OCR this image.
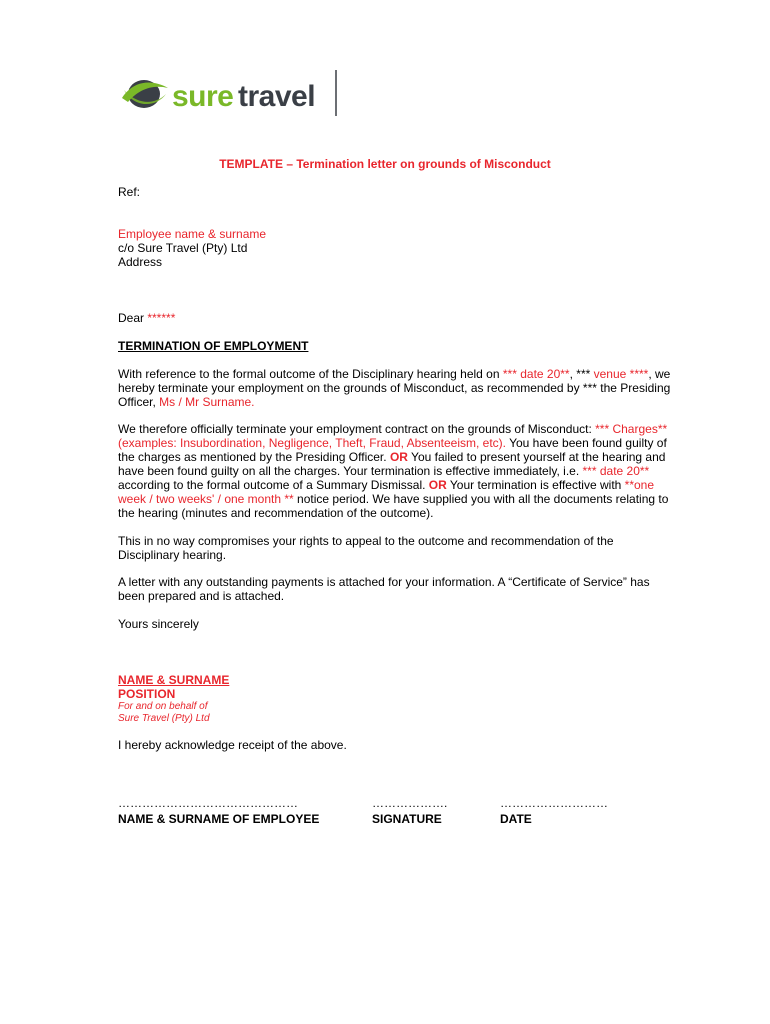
sure travel
TEMPLATE – Termination letter on grounds of Misconduct
Ref:
Employee name & surname
c/o Sure Travel (Pty) Ltd
Address
Dear ******
TERMINATION OF EMPLOYMENT
With reference to the formal outcome of the Disciplinary hearing held on *** date 20**, *** venue ****, we hereby terminate your employment on the grounds of Misconduct, as recommended by *** the Presiding Officer, Ms / Mr Surname.
We therefore officially terminate your employment contract on the grounds of Misconduct: *** Charges** (examples: Insubordination, Negligence, Theft, Fraud, Absenteeism, etc). You have been found guilty of the charges as mentioned by the Presiding Officer. OR You failed to present yourself at the hearing and have been found guilty on all the charges. Your termination is effective immediately, i.e. *** date 20** according to the formal outcome of a Summary Dismissal. OR Your termination is effective with **one week / two weeks' / one month ** notice period. We have supplied you with all the documents relating to the hearing (minutes and recommendation of the outcome).
This in no way compromises your rights to appeal to the outcome and recommendation of the Disciplinary hearing.
A letter with any outstanding payments is attached for your information. A “Certificate of Service” has been prepared and is attached.
Yours sincerely
NAME & SURNAME
POSITION
For and on behalf of
Sure Travel (Pty) Ltd
I hereby acknowledge receipt of the above.
………………………………………
NAME & SURNAME OF EMPLOYEE
……………….
SIGNATURE
………………………
DATE
